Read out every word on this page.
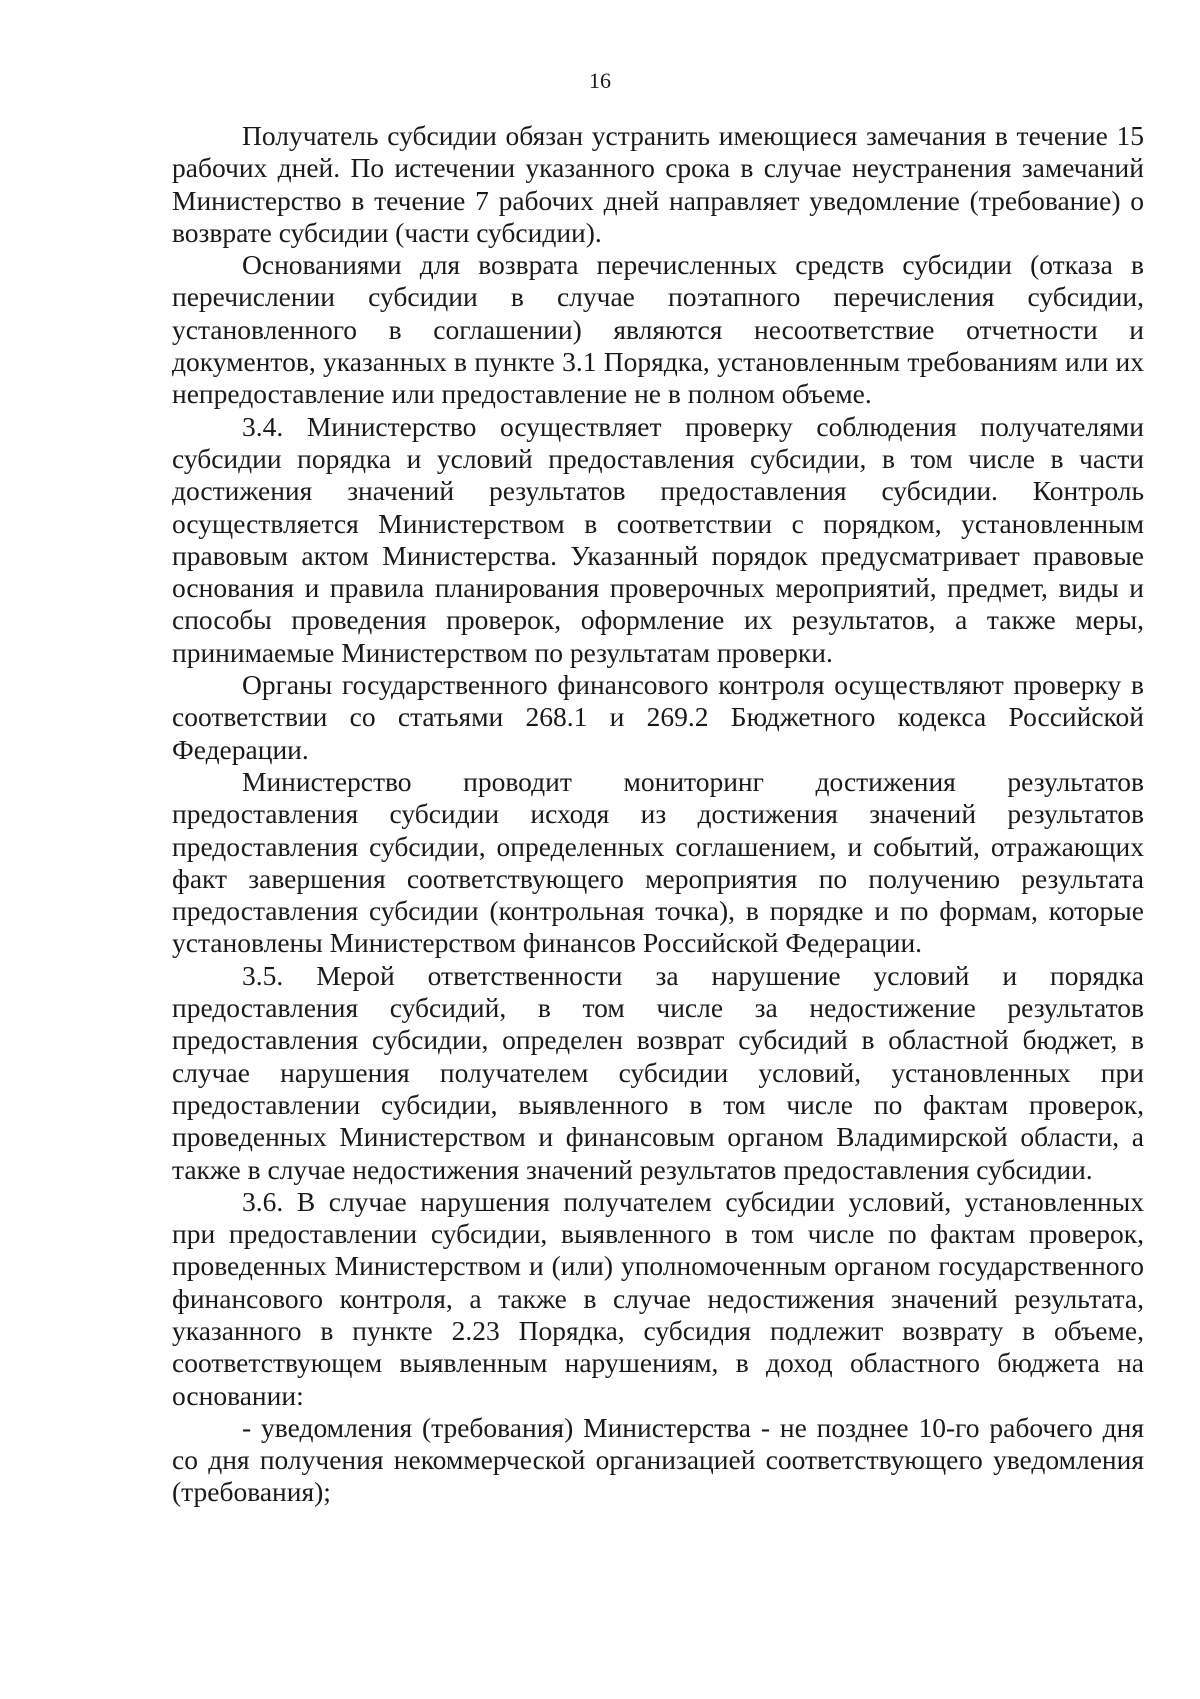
16

Получатель субсидии обязан устранить имеющиеся замечания в течение 15 рабочих дней. По истечении указанного срока в случае неустранения замечаний Министерство в течение 7 рабочих дней направляет уведомление (требование) о возврате субсидии (части субсидии).

Основаниями для возврата перечисленных средств субсидии (отказа в перечислении субсидии в случае поэтапного перечисления субсидии, установленного в соглашении) являются несоответствие отчетности и документов, указанных в пункте 3.1 Порядка, установленным требованиям или их непредоставление или предоставление не в полном объеме.

3.4. Министерство осуществляет проверку соблюдения получателями субсидии порядка и условий предоставления субсидии, в том числе в части достижения значений результатов предоставления субсидии. Контроль осуществляется Министерством в соответствии с порядком, установленным правовым актом Министерства. Указанный порядок предусматривает правовые основания и правила планирования проверочных мероприятий, предмет, виды и способы проведения проверок, оформление их результатов, а также меры, принимаемые Министерством по результатам проверки.

Органы государственного финансового контроля осуществляют проверку в соответствии со статьями 268.1 и 269.2 Бюджетного кодекса Российской Федерации.

Министерство проводит мониторинг достижения результатов предоставления субсидии исходя из достижения значений результатов предоставления субсидии, определенных соглашением, и событий, отражающих факт завершения соответствующего мероприятия по получению результата предоставления субсидии (контрольная точка), в порядке и по формам, которые установлены Министерством финансов Российской Федерации.

3.5. Мерой ответственности за нарушение условий и порядка предоставления субсидий, в том числе за недостижение результатов предоставления субсидии, определен возврат субсидий в областной бюджет, в случае нарушения получателем субсидии условий, установленных при предоставлении субсидии, выявленного в том числе по фактам проверок, проведенных Министерством и финансовым органом Владимирской области, а также в случае недостижения значений результатов предоставления субсидии.

3.6. В случае нарушения получателем субсидии условий, установленных при предоставлении субсидии, выявленного в том числе по фактам проверок, проведенных Министерством и (или) уполномоченным органом государственного финансового контроля, а также в случае недостижения значений результата, указанного в пункте 2.23 Порядка, субсидия подлежит возврату в объеме, соответствующем выявленным нарушениям, в доход областного бюджета на основании:

- уведомления (требования) Министерства - не позднее 10-го рабочего дня со дня получения некоммерческой организацией соответствующего уведомления (требования);
